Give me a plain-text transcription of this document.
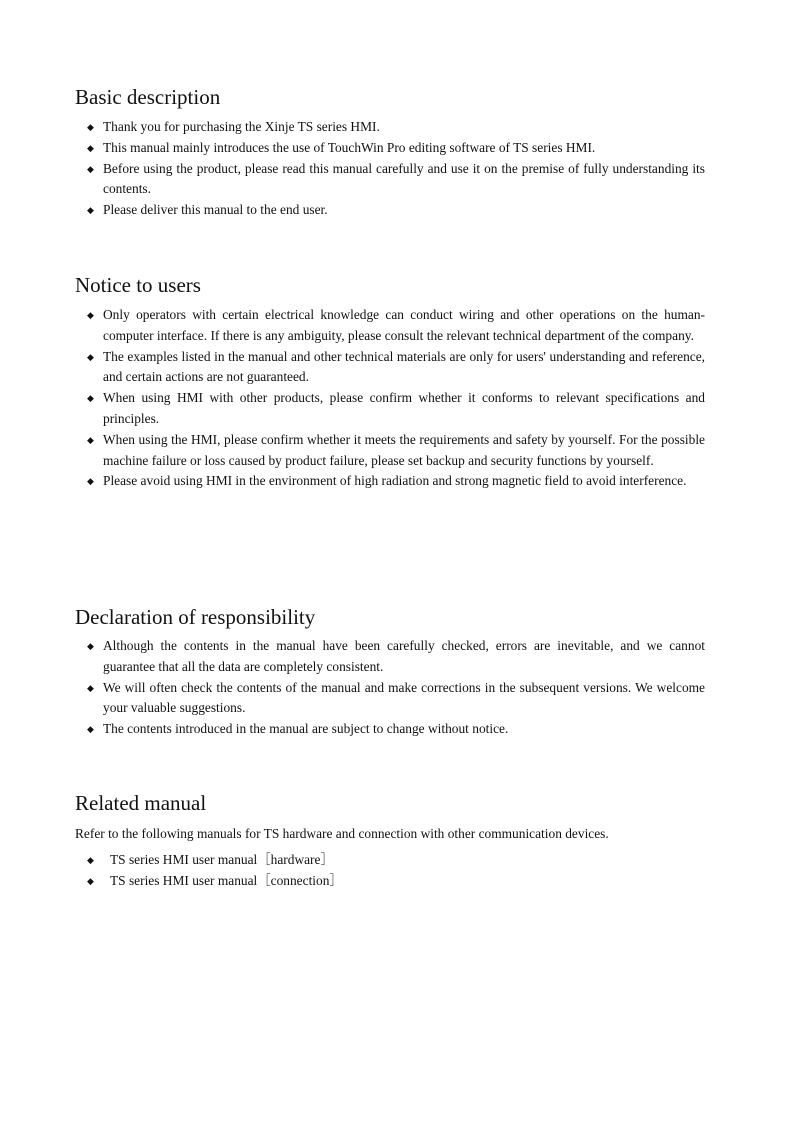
Basic description
◆ Thank you for purchasing the Xinje TS series HMI.
◆ This manual mainly introduces the use of TouchWin Pro editing software of TS series HMI.
◆ Before using the product, please read this manual carefully and use it on the premise of fully understanding its contents.
◆ Please deliver this manual to the end user.
Notice to users
◆ Only operators with certain electrical knowledge can conduct wiring and other operations on the human-computer interface. If there is any ambiguity, please consult the relevant technical department of the company.
◆ The examples listed in the manual and other technical materials are only for users' understanding and reference, and certain actions are not guaranteed.
◆ When using HMI with other products, please confirm whether it conforms to relevant specifications and principles.
◆ When using the HMI, please confirm whether it meets the requirements and safety by yourself. For the possible machine failure or loss caused by product failure, please set backup and security functions by yourself.
◆ Please avoid using HMI in the environment of high radiation and strong magnetic field to avoid interference.
Declaration of responsibility
◆ Although the contents in the manual have been carefully checked, errors are inevitable, and we cannot guarantee that all the data are completely consistent.
◆ We will often check the contents of the manual and make corrections in the subsequent versions. We welcome your valuable suggestions.
◆ The contents introduced in the manual are subject to change without notice.
Related manual

Refer to the following manuals for TS hardware and connection with other communication devices.

◆ TS series HMI user manual［hardware］
◆ TS series HMI user manual［connection］
